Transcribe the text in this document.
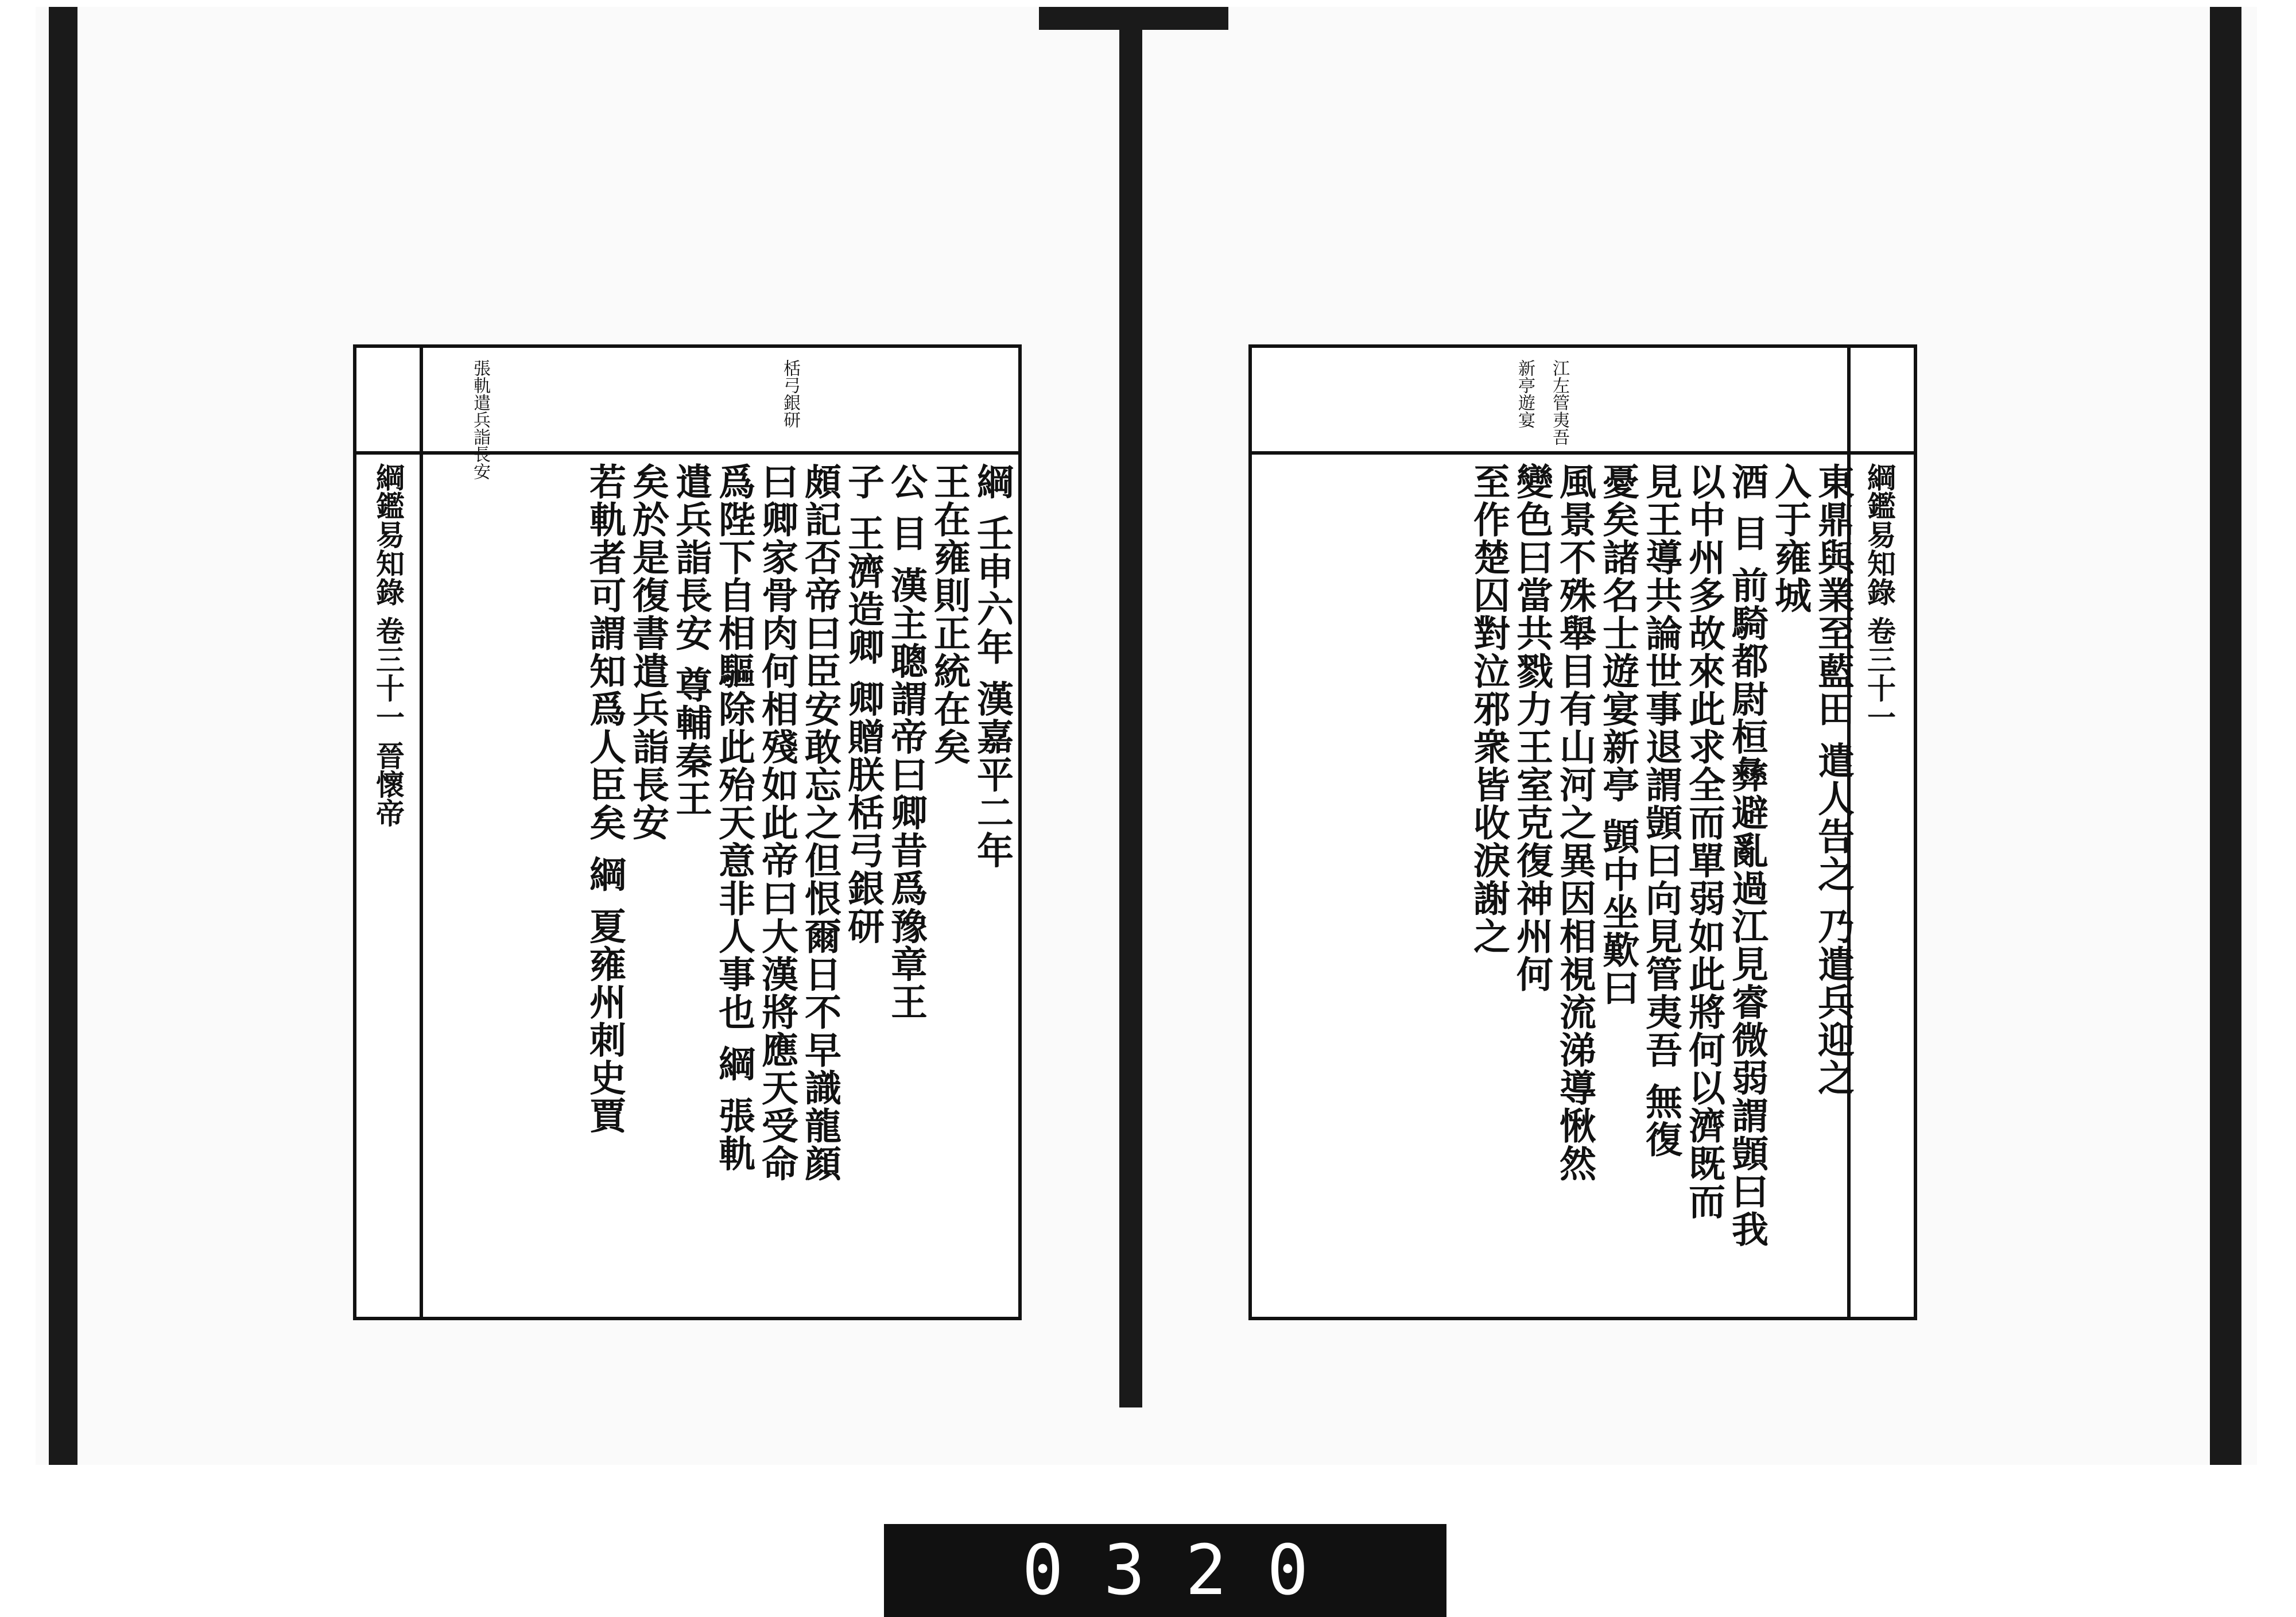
栝弓銀研
張軌遣兵詣長安
綱鑑易知錄 卷三十一 晉懷帝	綱 壬申六年 漢嘉平二年
王在雍則正統在矣
公 目 漢主聰謂帝曰卿昔爲豫章王
子 王濟造卿 卿贈朕栝弓銀研
頗記否帝曰臣安敢忘之但恨爾日不早識龍顔
曰卿家骨肉何相殘如此帝曰大漢將應天受命
爲陛下自相驅除此殆天意非人事也 綱 張軌
遣兵詣長安 尊輔秦王
矣於是復書遣兵詣長安
若軌者可謂知爲人臣矣 綱 夏雍州刺史賈
江左管夷吾
新亭遊宴
綱鑑易知錄 卷三十一
東鼎與業至藍田 遣人告之 乃遣兵迎之
入于雍城
酒 目 前騎都尉桓彝避亂過江見睿微弱謂顗曰我
以中州多故來此求全而單弱如此將何以濟既而
見王導共論世事退謂顗曰向見管夷吾 無復
憂矣諸名士遊宴新亭 顗中坐歎曰
風景不殊舉目有山河之異因相視流涕導愀然
變色曰當共戮力王室克復神州何
至作楚囚對泣邪衆皆收淚謝之
0320
